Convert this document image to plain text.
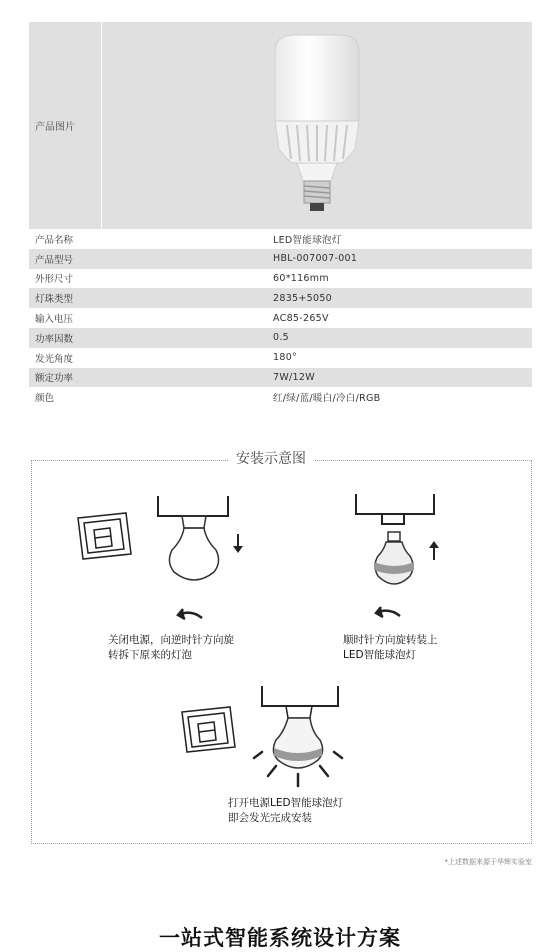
产品图片
产品名称	LED智能球泡灯
产品型号	HBL-007007-001
外形尺寸	60*116mm
灯珠类型	2835+5050
输入电压	AC85-265V
功率因数	0.5
发光角度	180°
额定功率	7W/12W
颜色	红/绿/蓝/暖白/冷白/RGB
安装示意图
关闭电源，向逆时针方向旋
转拆下原来的灯泡
顺时针方向旋转装上
LED智能球泡灯
打开电源LED智能球泡灯
即会发光完成安装
*上述数据来源于华辉实验室
一站式智能系统设计方案
